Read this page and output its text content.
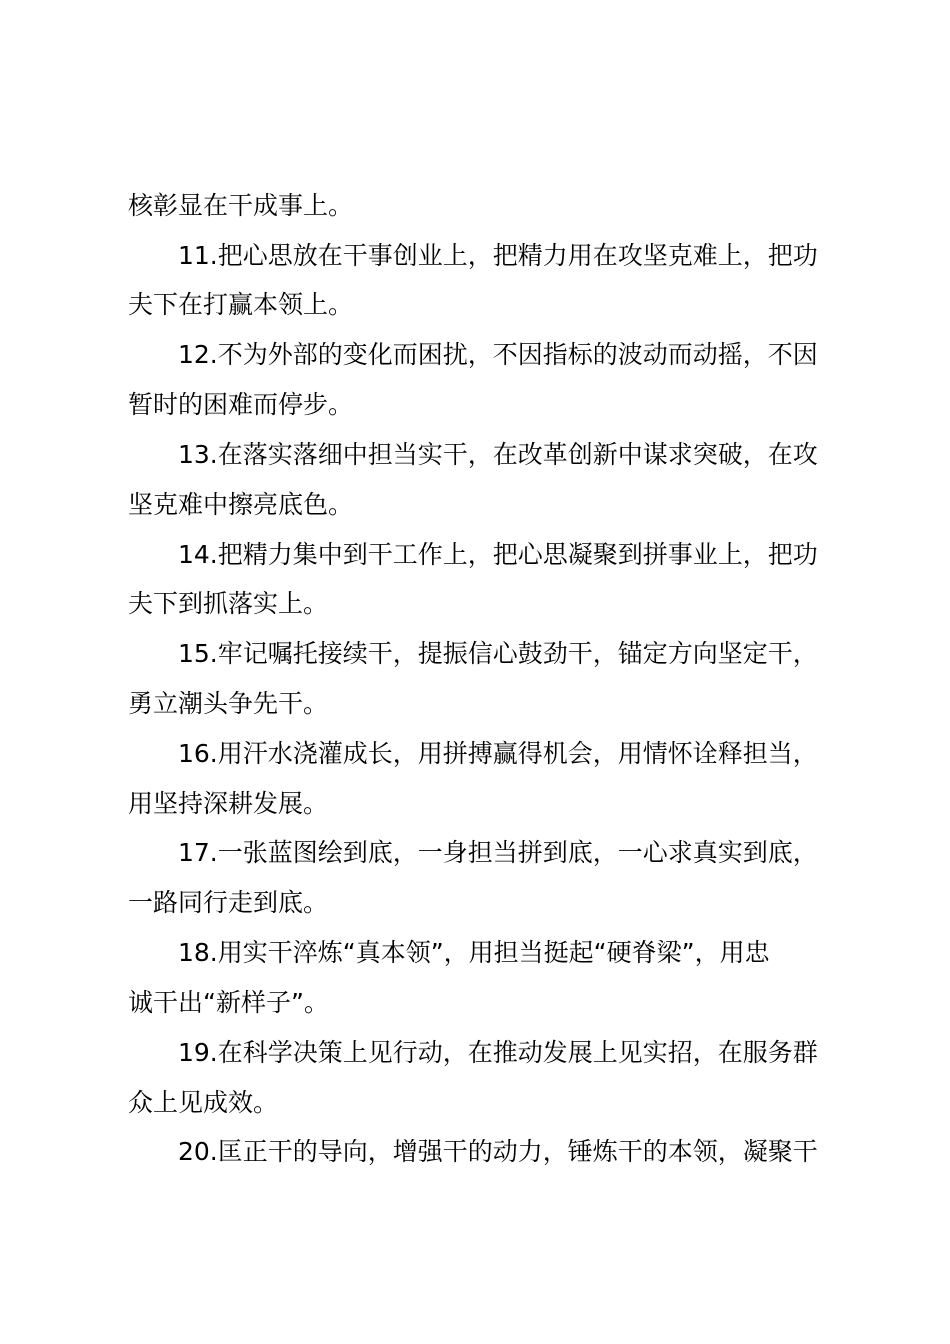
核彰显在干成事上。
11.把心思放在干事创业上，把精力用在攻坚克难上，把功
夫下在打赢本领上。
12.不为外部的变化而困扰，不因指标的波动而动摇，不因
暂时的困难而停步。
13.在落实落细中担当实干，在改革创新中谋求突破，在攻
坚克难中擦亮底色。
14.把精力集中到干工作上，把心思凝聚到拼事业上，把功
夫下到抓落实上。
15.牢记嘱托接续干，提振信心鼓劲干，锚定方向坚定干，
勇立潮头争先干。
16.用汗水浇灌成长，用拼搏赢得机会，用情怀诠释担当，
用坚持深耕发展。
17.一张蓝图绘到底，一身担当拼到底，一心求真实到底，
一路同行走到底。
18.用实干淬炼“真本领”，用担当挺起“硬脊梁”，用忠
诚干出“新样子”。
19.在科学决策上见行动，在推动发展上见实招，在服务群
众上见成效。
20.匡正干的导向，增强干的动力，锤炼干的本领，凝聚干
